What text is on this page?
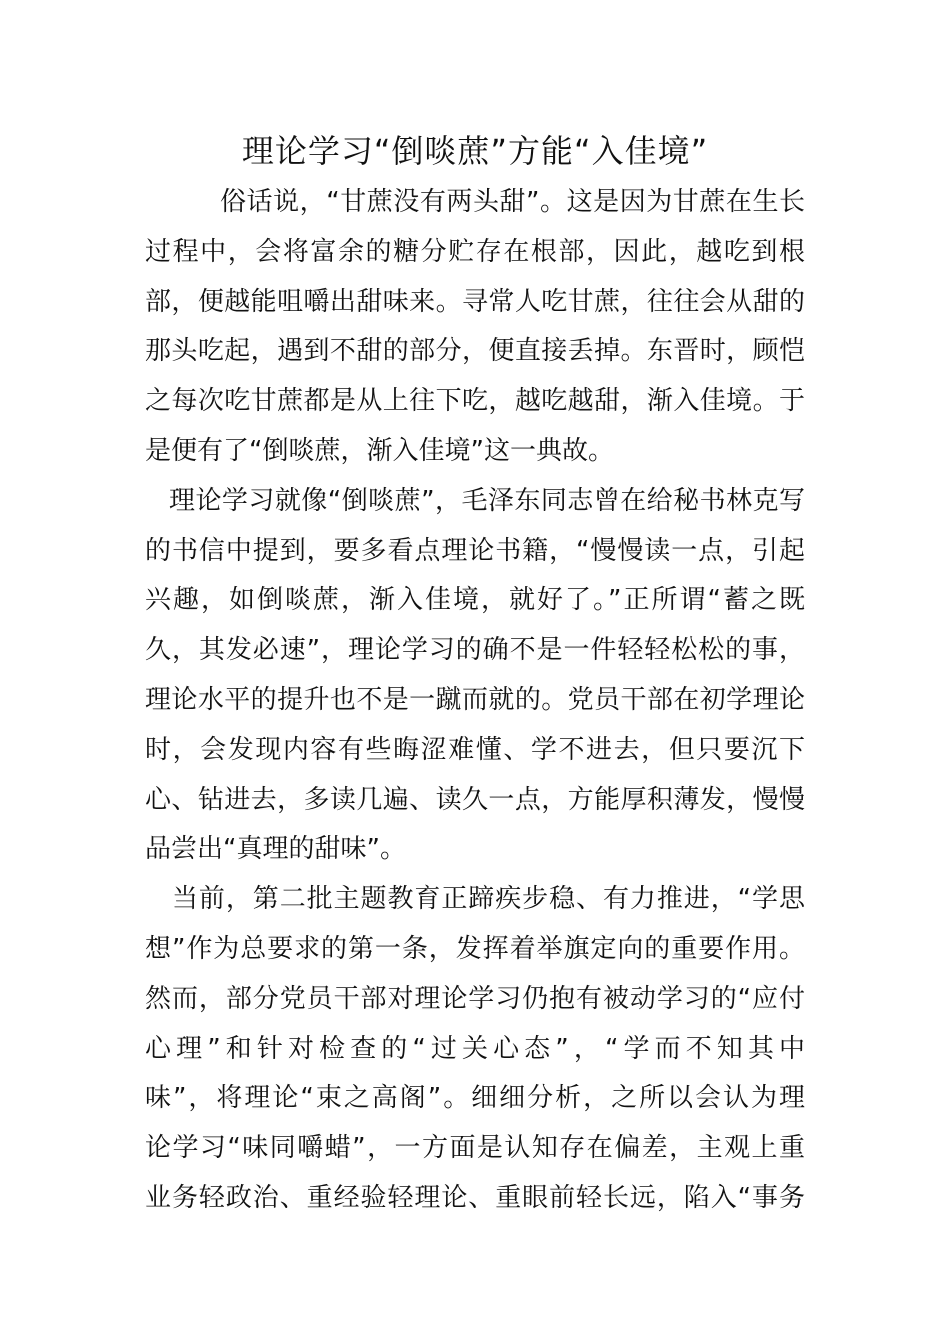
理论学习“倒啖蔗”方能“入佳境”
俗话说，“甘蔗没有两头甜”。这是因为甘蔗在生长
过程中，会将富余的糖分贮存在根部，因此，越吃到根
部，便越能咀嚼出甜味来。寻常人吃甘蔗，往往会从甜的
那头吃起，遇到不甜的部分，便直接丢掉。东晋时，顾恺
之每次吃甘蔗都是从上往下吃，越吃越甜，渐入佳境。于
是便有了“倒啖蔗，渐入佳境”这一典故。
理论学习就像“倒啖蔗”，毛泽东同志曾在给秘书林克写
的书信中提到，要多看点理论书籍，“慢慢读一点，引起
兴趣，如倒啖蔗，渐入佳境，就好了。”正所谓“蓄之既
久，其发必速”，理论学习的确不是一件轻轻松松的事，
理论水平的提升也不是一蹴而就的。党员干部在初学理论
时，会发现内容有些晦涩难懂、学不进去，但只要沉下
心、钻进去，多读几遍、读久一点，方能厚积薄发，慢慢
品尝出“真理的甜味”。
当前，第二批主题教育正蹄疾步稳、有力推进，“学思
想”作为总要求的第一条，发挥着举旗定向的重要作用。
然而，部分党员干部对理论学习仍抱有被动学习的“应付
心理”和针对检查的“过关心态”，“学而不知其中
味”，将理论“束之高阁”。细细分析，之所以会认为理
论学习“味同嚼蜡”，一方面是认知存在偏差，主观上重
业务轻政治、重经验轻理论、重眼前轻长远，陷入“事务
